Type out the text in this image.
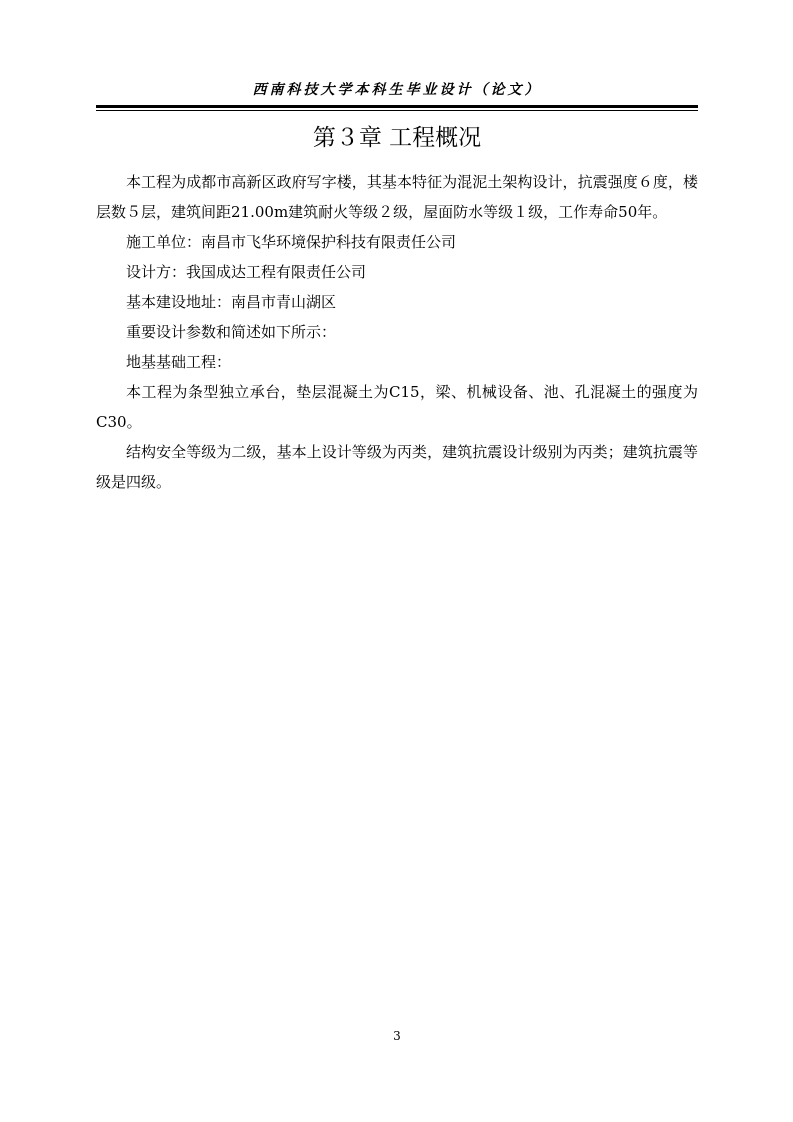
西南科技大学本科生毕业设计（论文）
第３章 工程概况

本工程为成都市高新区政府写字楼，其基本特征为混泥土架构设计，抗震强度６度，楼层数５层，建筑间距21.00m建筑耐火等级２级，屋面防水等级１级，工作寿命50年。

施工单位：南昌市飞华环境保护科技有限责任公司

设计方：我国成达工程有限责任公司

基本建设地址：南昌市青山湖区

重要设计参数和简述如下所示：

地基基础工程：

本工程为条型独立承台，垫层混凝土为C15，梁、机械设备、池、孔混凝土的强度为C30。

结构安全等级为二级，基本上设计等级为丙类，建筑抗震设计级别为丙类；建筑抗震等级是四级。

3
